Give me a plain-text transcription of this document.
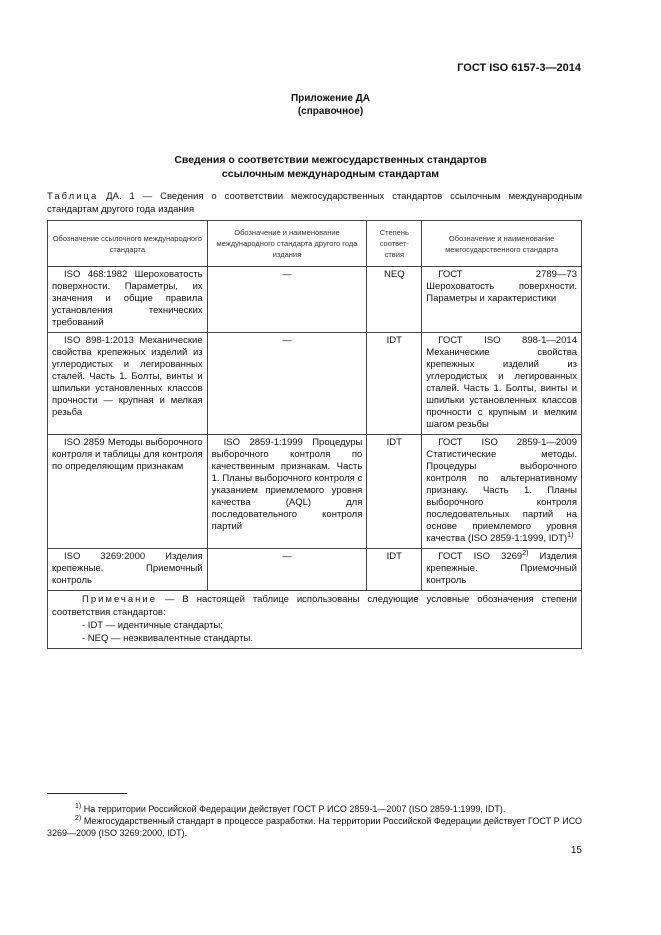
ГОСТ ISO 6157-3—2014
Приложение ДА
(справочное)
Сведения о соответствии межгосударственных стандартов
ссылочным международным стандартам
Таблица ДА. 1 — Сведения о соответствии межгосударственных стандартов ссылочным международным стандартам другого года издания
Обозначение ссылочного международного стандарта	Обозначение и наименование международного стандарта другого года издания	Степень соответ-ствия	Обозначение и наименование межгосударственного стандарта
ISO 468:1982 Шероховатость поверхности. Параметры, их значения и общие правила установления технических требований	—	NEQ	ГОСТ 2789—73 Шероховатость поверхности. Параметры и характеристики
ISO 898-1:2013 Механические свойства крепежных изделий из углеродистых и легированных сталей. Часть 1. Болты, винты и шпильки установленных классов прочности — крупная и мелкая резьба	—	IDT	ГОСТ ISO 898-1—2014 Механические свойства крепежных изделий из углеродистых и легированных сталей. Часть 1. Болты, винты и шпильки установленных классов прочности с крупным и мелким шагом резьбы
ISO 2859 Методы выборочного контроля и таблицы для контроля по определяющим признакам	ISO 2859-1:1999 Процедуры выборочного контроля по качественным признакам. Часть 1. Планы выборочного контроля с указанием приемлемого уровня качества (AQL) для последовательного контроля партий	IDT	ГОСТ ISO 2859-1—2009 Статистические методы. Процедуры выборочного контроля по альтернативному признаку. Часть 1. Планы выборочного контроля последовательных партий на основе приемлемого уровня качества (ISO 2859-1:1999, IDT)$^{1)}$
ISO 3269:2000 Изделия крепежные. Приемочный контроль	—	IDT	ГОСТ ISO 3269$^{2)}$ Изделия крепежные. Приемочный контроль

Примечание — В настоящей таблице использованы следующие условные обозначения степени соответствия стандартов:
- IDT — идентичные стандарты;
- NEQ — неэквивалентные стандарты.			
$^{1)}$ На территории Российской Федерации действует ГОСТ Р ИСО 2859-1—2007 (ISO 2859-1:1999, IDT).
$^{2)}$ Межгосударственный стандарт в процессе разработки. На территории Российской Федерации действует ГОСТ Р ИСО 3269—2009 (ISO 3269:2000, IDT).
15
